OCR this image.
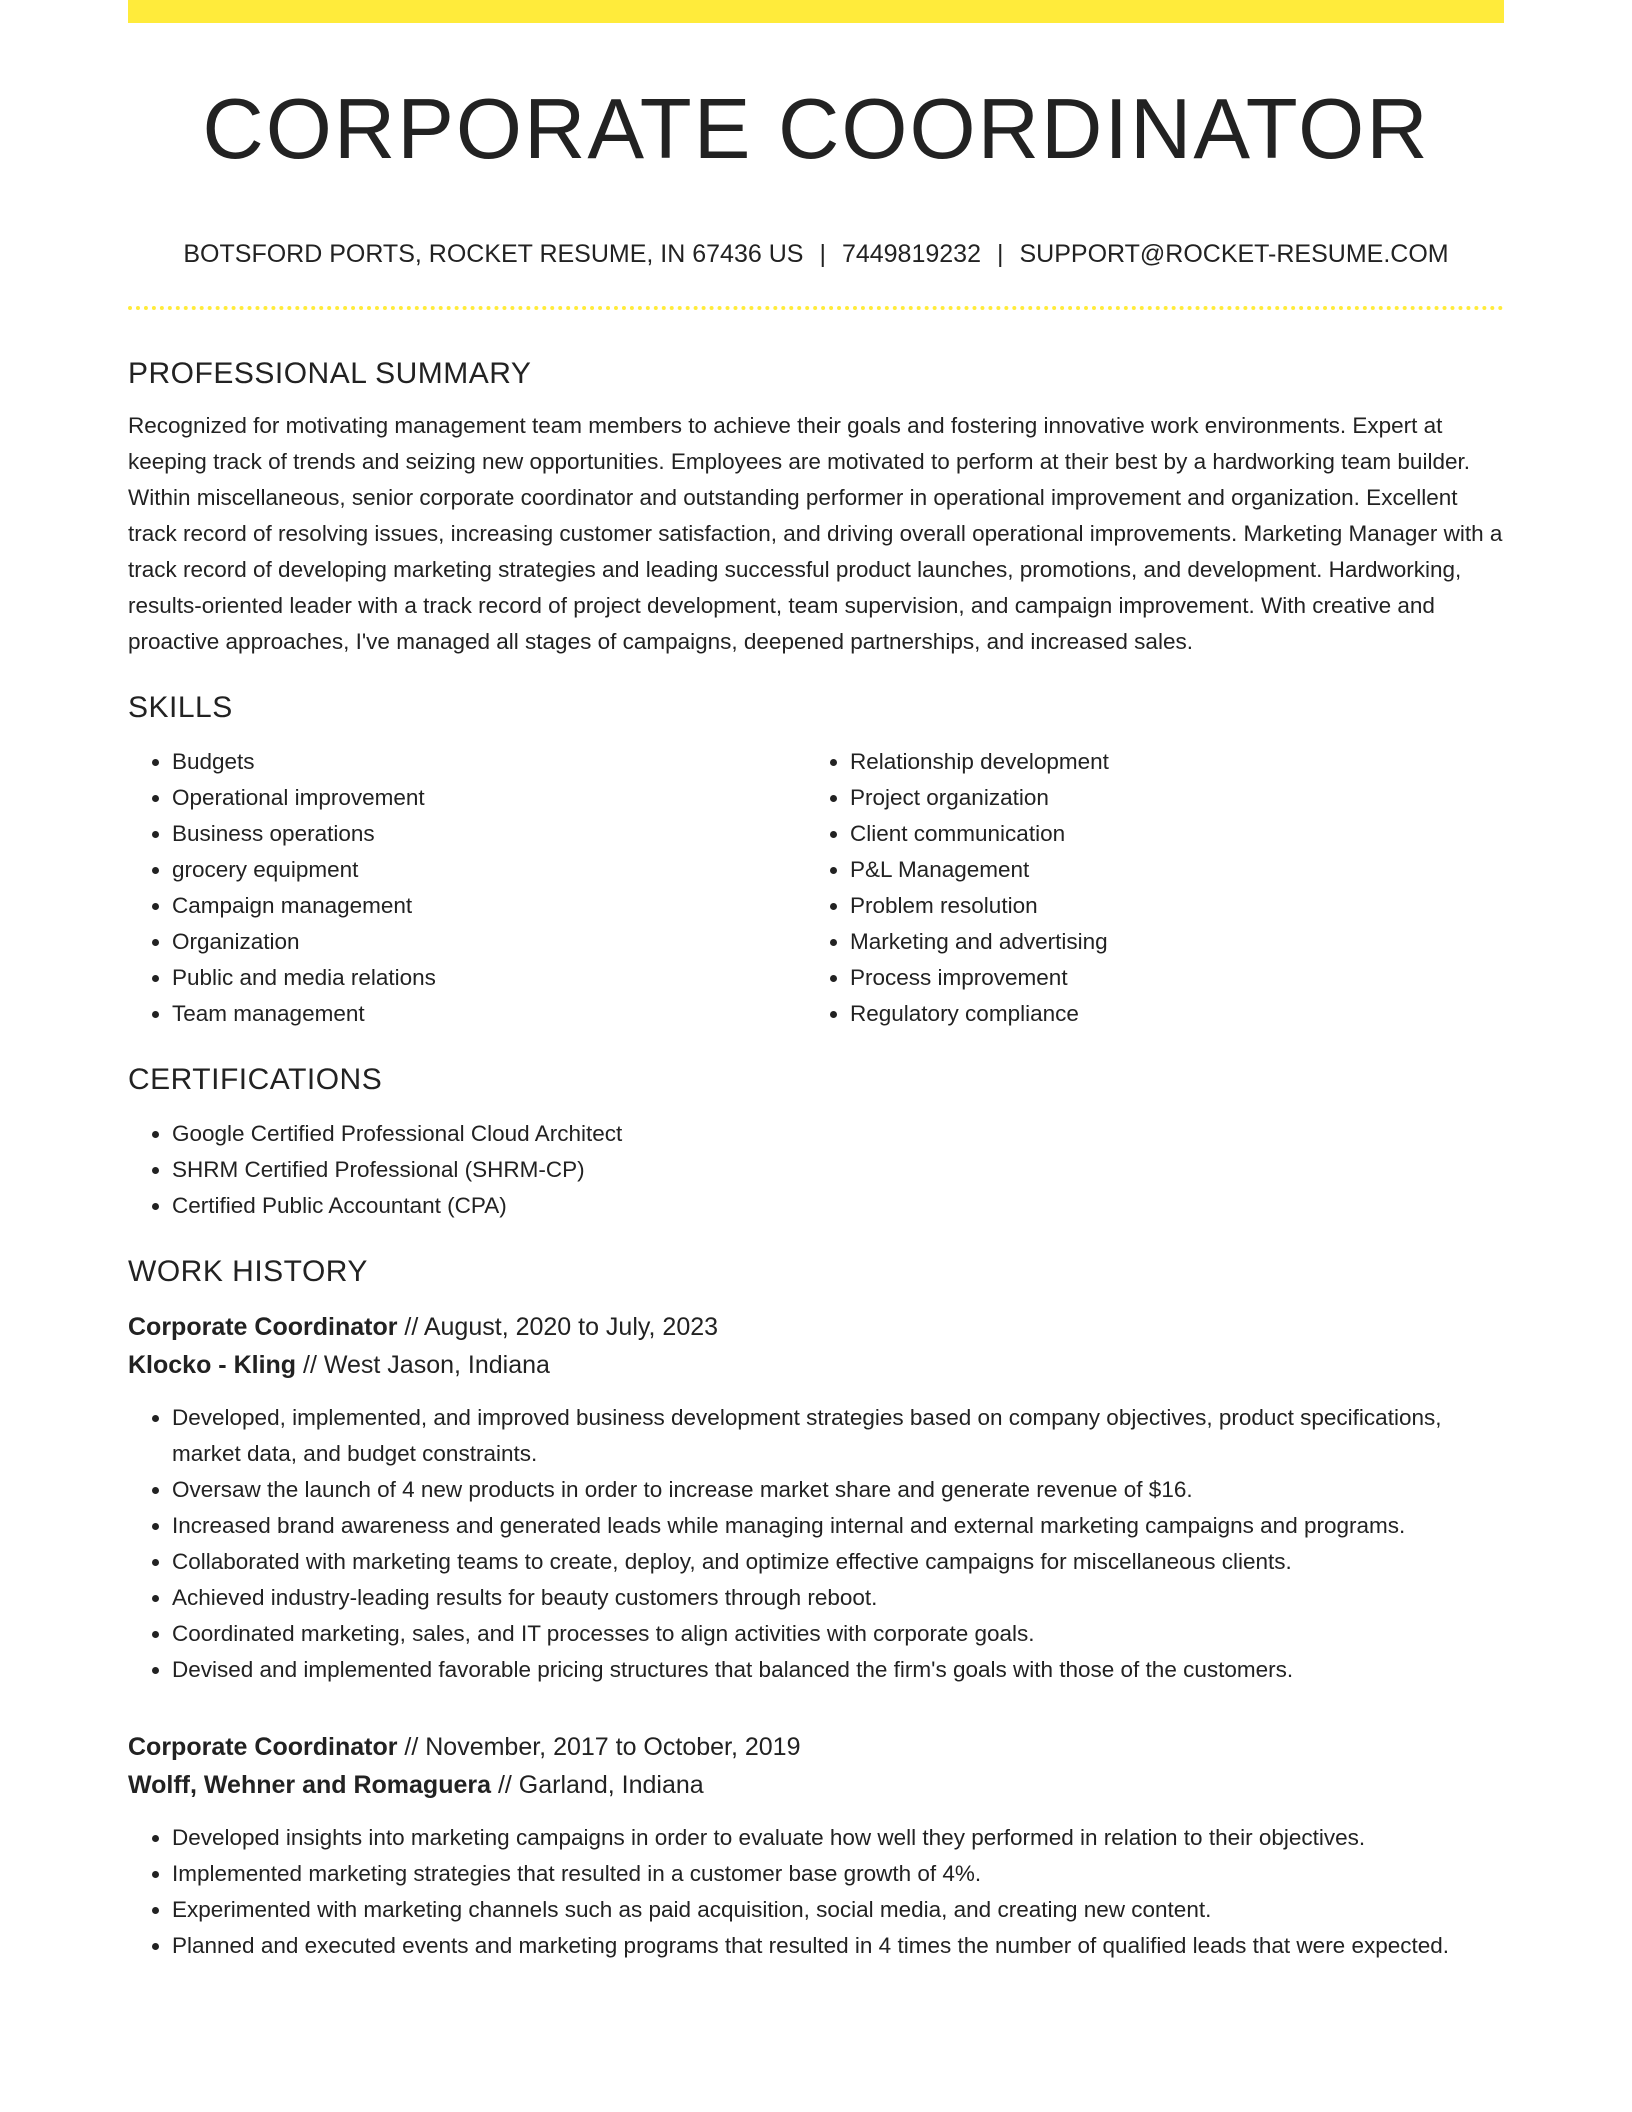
CORPORATE COORDINATOR
BOTSFORD PORTS, ROCKET RESUME, IN 67436 US | 7449819232 | SUPPORT@ROCKET-RESUME.COM
PROFESSIONAL SUMMARY

Recognized for motivating management team members to achieve their goals and fostering innovative work environments. Expert at keeping track of trends and seizing new opportunities. Employees are motivated to perform at their best by a hardworking team builder. Within miscellaneous, senior corporate coordinator and outstanding performer in operational improvement and organization. Excellent track record of resolving issues, increasing customer satisfaction, and driving overall operational improvements. Marketing Manager with a track record of developing marketing strategies and leading successful product launches, promotions, and development. Hardworking, results-oriented leader with a track record of project development, team supervision, and campaign improvement. With creative and proactive approaches, I've managed all stages of campaigns, deepened partnerships, and increased sales.

SKILLS
• Budgets
• Operational improvement
• Business operations
• grocery equipment
• Campaign management
• Organization
• Public and media relations
• Team management
• Relationship development
• Project organization
• Client communication
• P&L Management
• Problem resolution
• Marketing and advertising
• Process improvement
• Regulatory compliance
CERTIFICATIONS
• Google Certified Professional Cloud Architect
• SHRM Certified Professional (SHRM-CP)
• Certified Public Accountant (CPA)
WORK HISTORY

Corporate Coordinator // August, 2020 to July, 2023

Klocko - Kling // West Jason, Indiana

• Developed, implemented, and improved business development strategies based on company objectives, product specifications, market data, and budget constraints.
• Oversaw the launch of 4 new products in order to increase market share and generate revenue of $16.
• Increased brand awareness and generated leads while managing internal and external marketing campaigns and programs.
• Collaborated with marketing teams to create, deploy, and optimize effective campaigns for miscellaneous clients.
• Achieved industry-leading results for beauty customers through reboot.
• Coordinated marketing, sales, and IT processes to align activities with corporate goals.
• Devised and implemented favorable pricing structures that balanced the firm's goals with those of the customers.

Corporate Coordinator // November, 2017 to October, 2019

Wolff, Wehner and Romaguera // Garland, Indiana

• Developed insights into marketing campaigns in order to evaluate how well they performed in relation to their objectives.
• Implemented marketing strategies that resulted in a customer base growth of 4%.
• Experimented with marketing channels such as paid acquisition, social media, and creating new content.
• Planned and executed events and marketing programs that resulted in 4 times the number of qualified leads that were expected.
